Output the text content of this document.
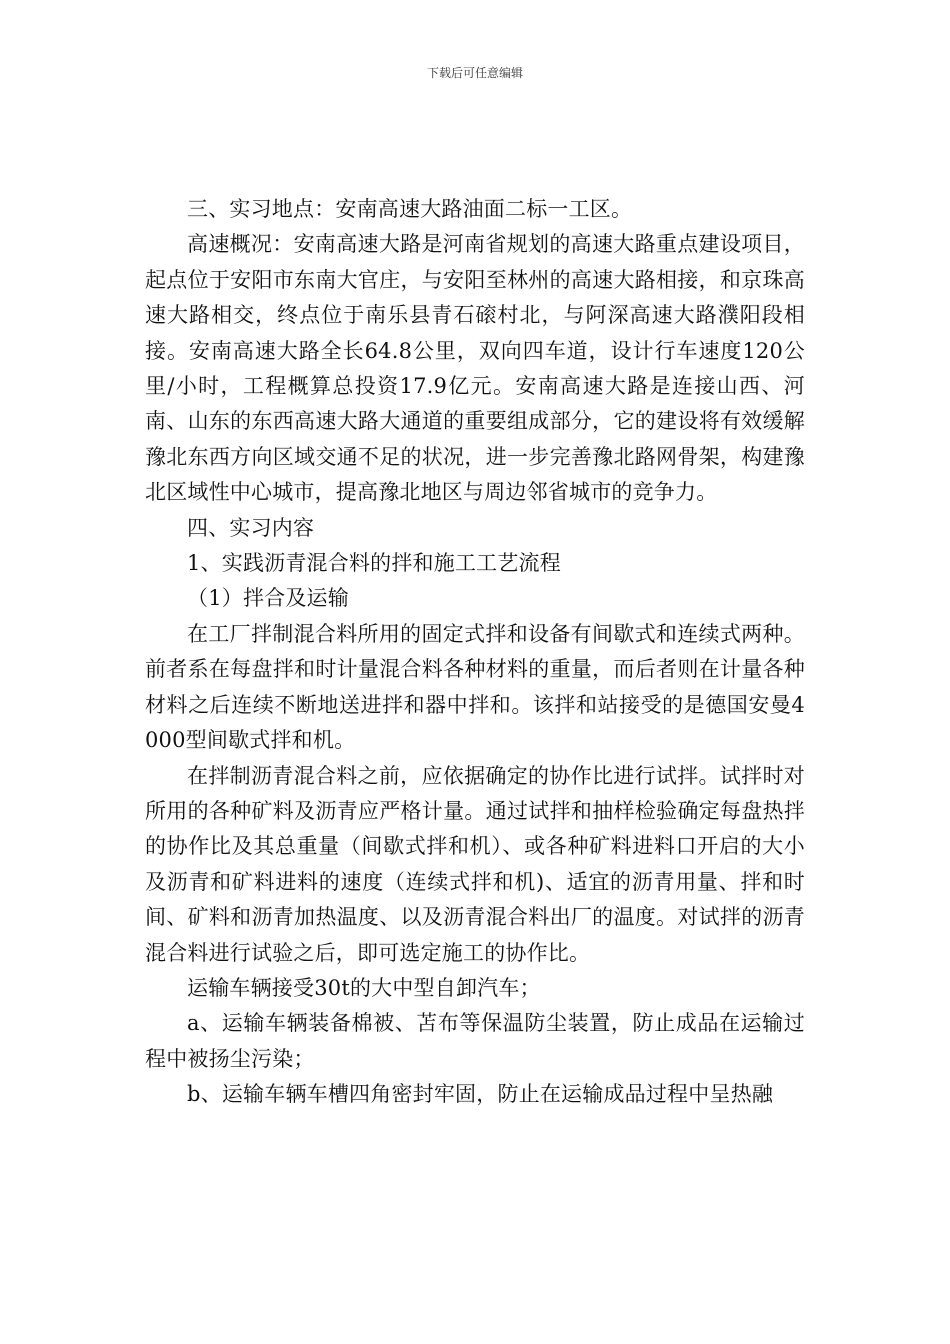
下载后可任意编辑

三、实习地点：安南高速大路油面二标一工区。

高速概况：安南高速大路是河南省规划的高速大路重点建设项目，起点位于安阳市东南大官庄，与安阳至林州的高速大路相接，和京珠高速大路相交，终点位于南乐县青石磙村北，与阿深高速大路濮阳段相接。安南高速大路全长64.8公里，双向四车道，设计行车速度120公里/小时，工程概算总投资17.9亿元。安南高速大路是连接山西、河南、山东的东西高速大路大通道的重要组成部分，它的建设将有效缓解豫北东西方向区域交通不足的状况，进一步完善豫北路网骨架，构建豫北区域性中心城市，提高豫北地区与周边邻省城市的竞争力。

四、实习内容

1、实践沥青混合料的拌和施工工艺流程

（1）拌合及运输

在工厂拌制混合料所用的固定式拌和设备有间歇式和连续式两种。前者系在每盘拌和时计量混合料各种材料的重量，而后者则在计量各种材料之后连续不断地送进拌和器中拌和。该拌和站接受的是德国安曼4000型间歇式拌和机。

在拌制沥青混合料之前，应依据确定的协作比进行试拌。试拌时对所用的各种矿料及沥青应严格计量。通过试拌和抽样检验确定每盘热拌的协作比及其总重量（间歇式拌和机）、或各种矿料进料口开启的大小及沥青和矿料进料的速度（连续式拌和机)、适宜的沥青用量、拌和时间、矿料和沥青加热温度、以及沥青混合料出厂的温度。对试拌的沥青混合料进行试验之后，即可选定施工的协作比。

运输车辆接受30t的大中型自卸汽车；

a、运输车辆装备棉被、苫布等保温防尘装置，防止成品在运输过程中被扬尘污染；

b、运输车辆车槽四角密封牢固，防止在运输成品过程中呈热融
